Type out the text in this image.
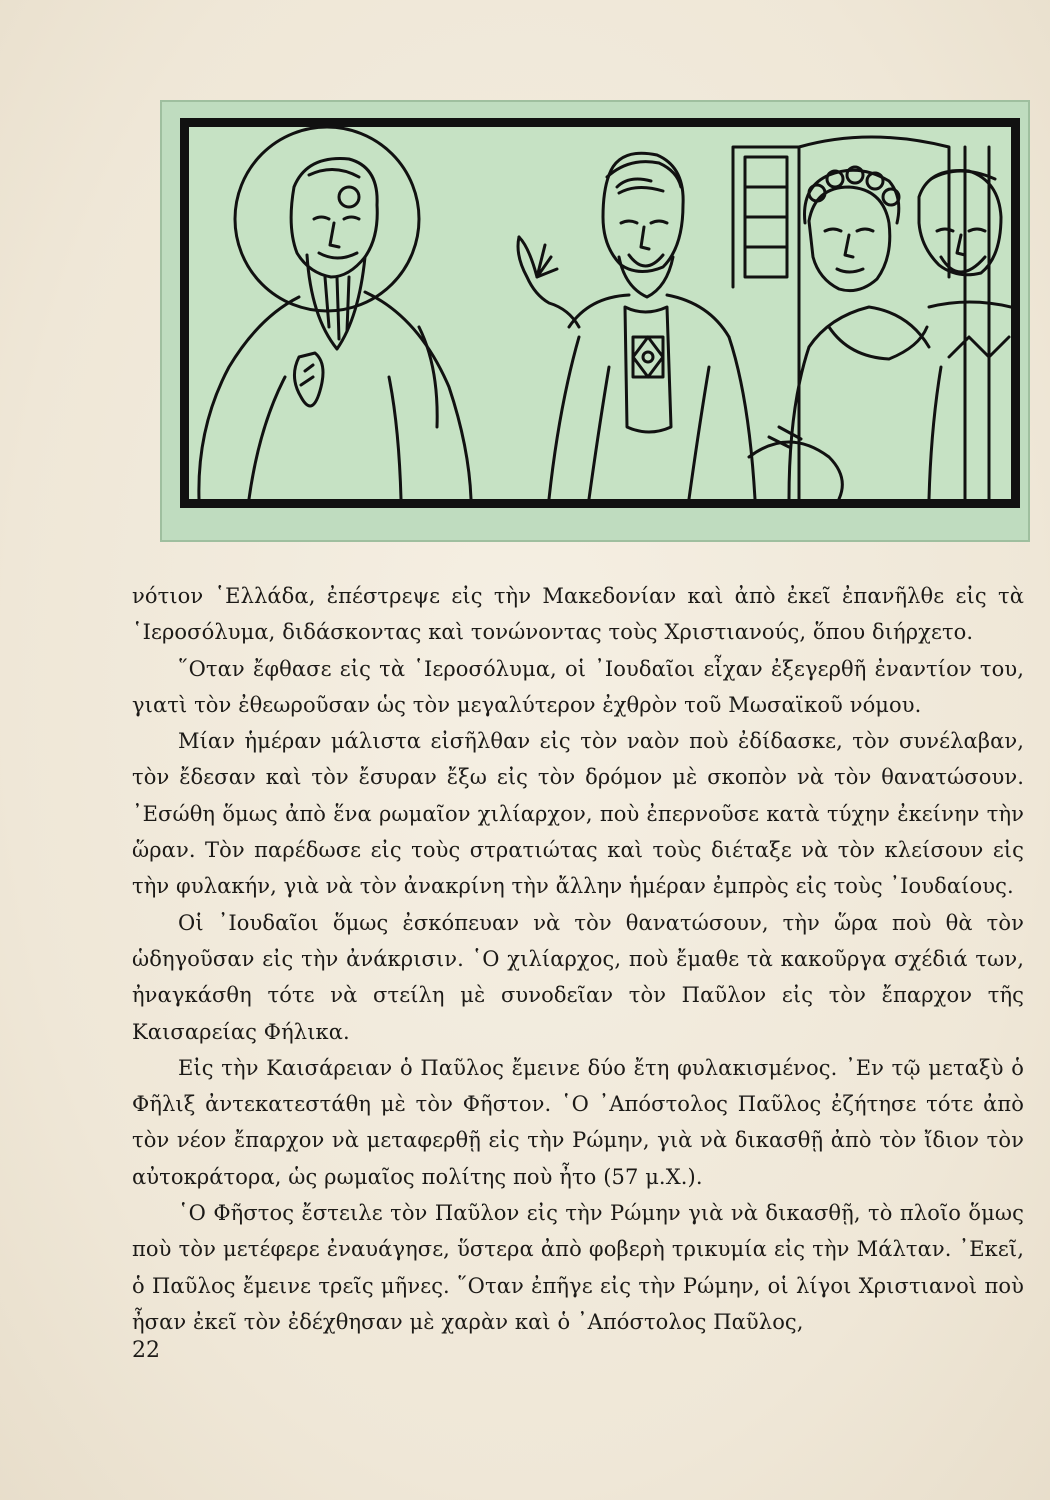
νότιον ῾Ελλάδα, ἐπέστρεψε εἰς τὴν Μακεδονίαν καὶ ἀπὸ ἐκεῖ ἐπανῆλθε εἰς τὰ ῾Ιεροσόλυμα, διδάσκοντας καὶ τονώνοντας τοὺς Χριστιανούς, ὅπου διήρχετο.

῞Οταν ἔφθασε εἰς τὰ ῾Ιεροσόλυμα, οἱ ᾿Ιουδαῖοι εἶχαν ἐξεγερθῆ ἐναντίον του, γιατὶ τὸν ἐθεωροῦσαν ὡς τὸν μεγαλύτερον ἐχθρὸν τοῦ Μωσαϊκοῦ νόμου.

Μίαν ἡμέραν μάλιστα εἰσῆλθαν εἰς τὸν ναὸν ποὺ ἐδίδασκε, τὸν συνέλαβαν, τὸν ἔδεσαν καὶ τὸν ἔσυραν ἔξω εἰς τὸν δρόμον μὲ σκοπὸν νὰ τὸν θανατώσουν. ᾿Εσώθη ὅμως ἀπὸ ἕνα ρωμαῖον χιλίαρχον, ποὺ ἐπερνοῦσε κατὰ τύχην ἐκείνην τὴν ὥραν. Τὸν παρέδωσε εἰς τοὺς στρατιώτας καὶ τοὺς διέταξε νὰ τὸν κλείσουν εἰς τὴν φυλακήν, γιὰ νὰ τὸν ἀνακρίνη τὴν ἄλλην ἡμέραν ἐμπρὸς εἰς τοὺς ᾿Ιουδαίους.

Οἱ ᾿Ιουδαῖοι ὅμως ἐσκόπευαν νὰ τὸν θανατώσουν, τὴν ὥρα ποὺ θὰ τὸν ὡδηγοῦσαν εἰς τὴν ἀνάκρισιν. ῾Ο χιλίαρχος, ποὺ ἔμαθε τὰ κακοῦργα σχέδιά των, ἠναγκάσθη τότε νὰ στείλη μὲ συνοδεῖαν τὸν Παῦλον εἰς τὸν ἔπαρχον τῆς Καισαρείας Φήλικα.

Εἰς τὴν Καισάρειαν ὁ Παῦλος ἔμεινε δύο ἔτη φυλακισμένος. ᾿Εν τῷ μεταξὺ ὁ Φῆλιξ ἀντεκατεστάθη μὲ τὸν Φῆστον. ῾Ο ᾿Απόστολος Παῦλος ἐζήτησε τότε ἀπὸ τὸν νέον ἔπαρχον νὰ μεταφερθῇ εἰς τὴν Ρώμην, γιὰ νὰ δικασθῇ ἀπὸ τὸν ἴδιον τὸν αὐτοκράτορα, ὡς ρωμαῖος πολίτης ποὺ ἦτο (57 μ.Χ.).

῾Ο Φῆστος ἔστειλε τὸν Παῦλον εἰς τὴν Ρώμην γιὰ νὰ δικασθῇ, τὸ πλοῖο ὅμως ποὺ τὸν μετέφερε ἐναυάγησε, ὕστερα ἀπὸ φοβερὴ τρικυμία εἰς τὴν Μάλταν. ᾿Εκεῖ, ὁ Παῦλος ἔμεινε τρεῖς μῆνες. ῞Οταν ἐπῆγε εἰς τὴν Ρώμην, οἱ λίγοι Χριστιανοὶ ποὺ ἦσαν ἐκεῖ τὸν ἐδέχθησαν μὲ χαρὰν καὶ ὁ ᾿Απόστολος Παῦλος,

22
